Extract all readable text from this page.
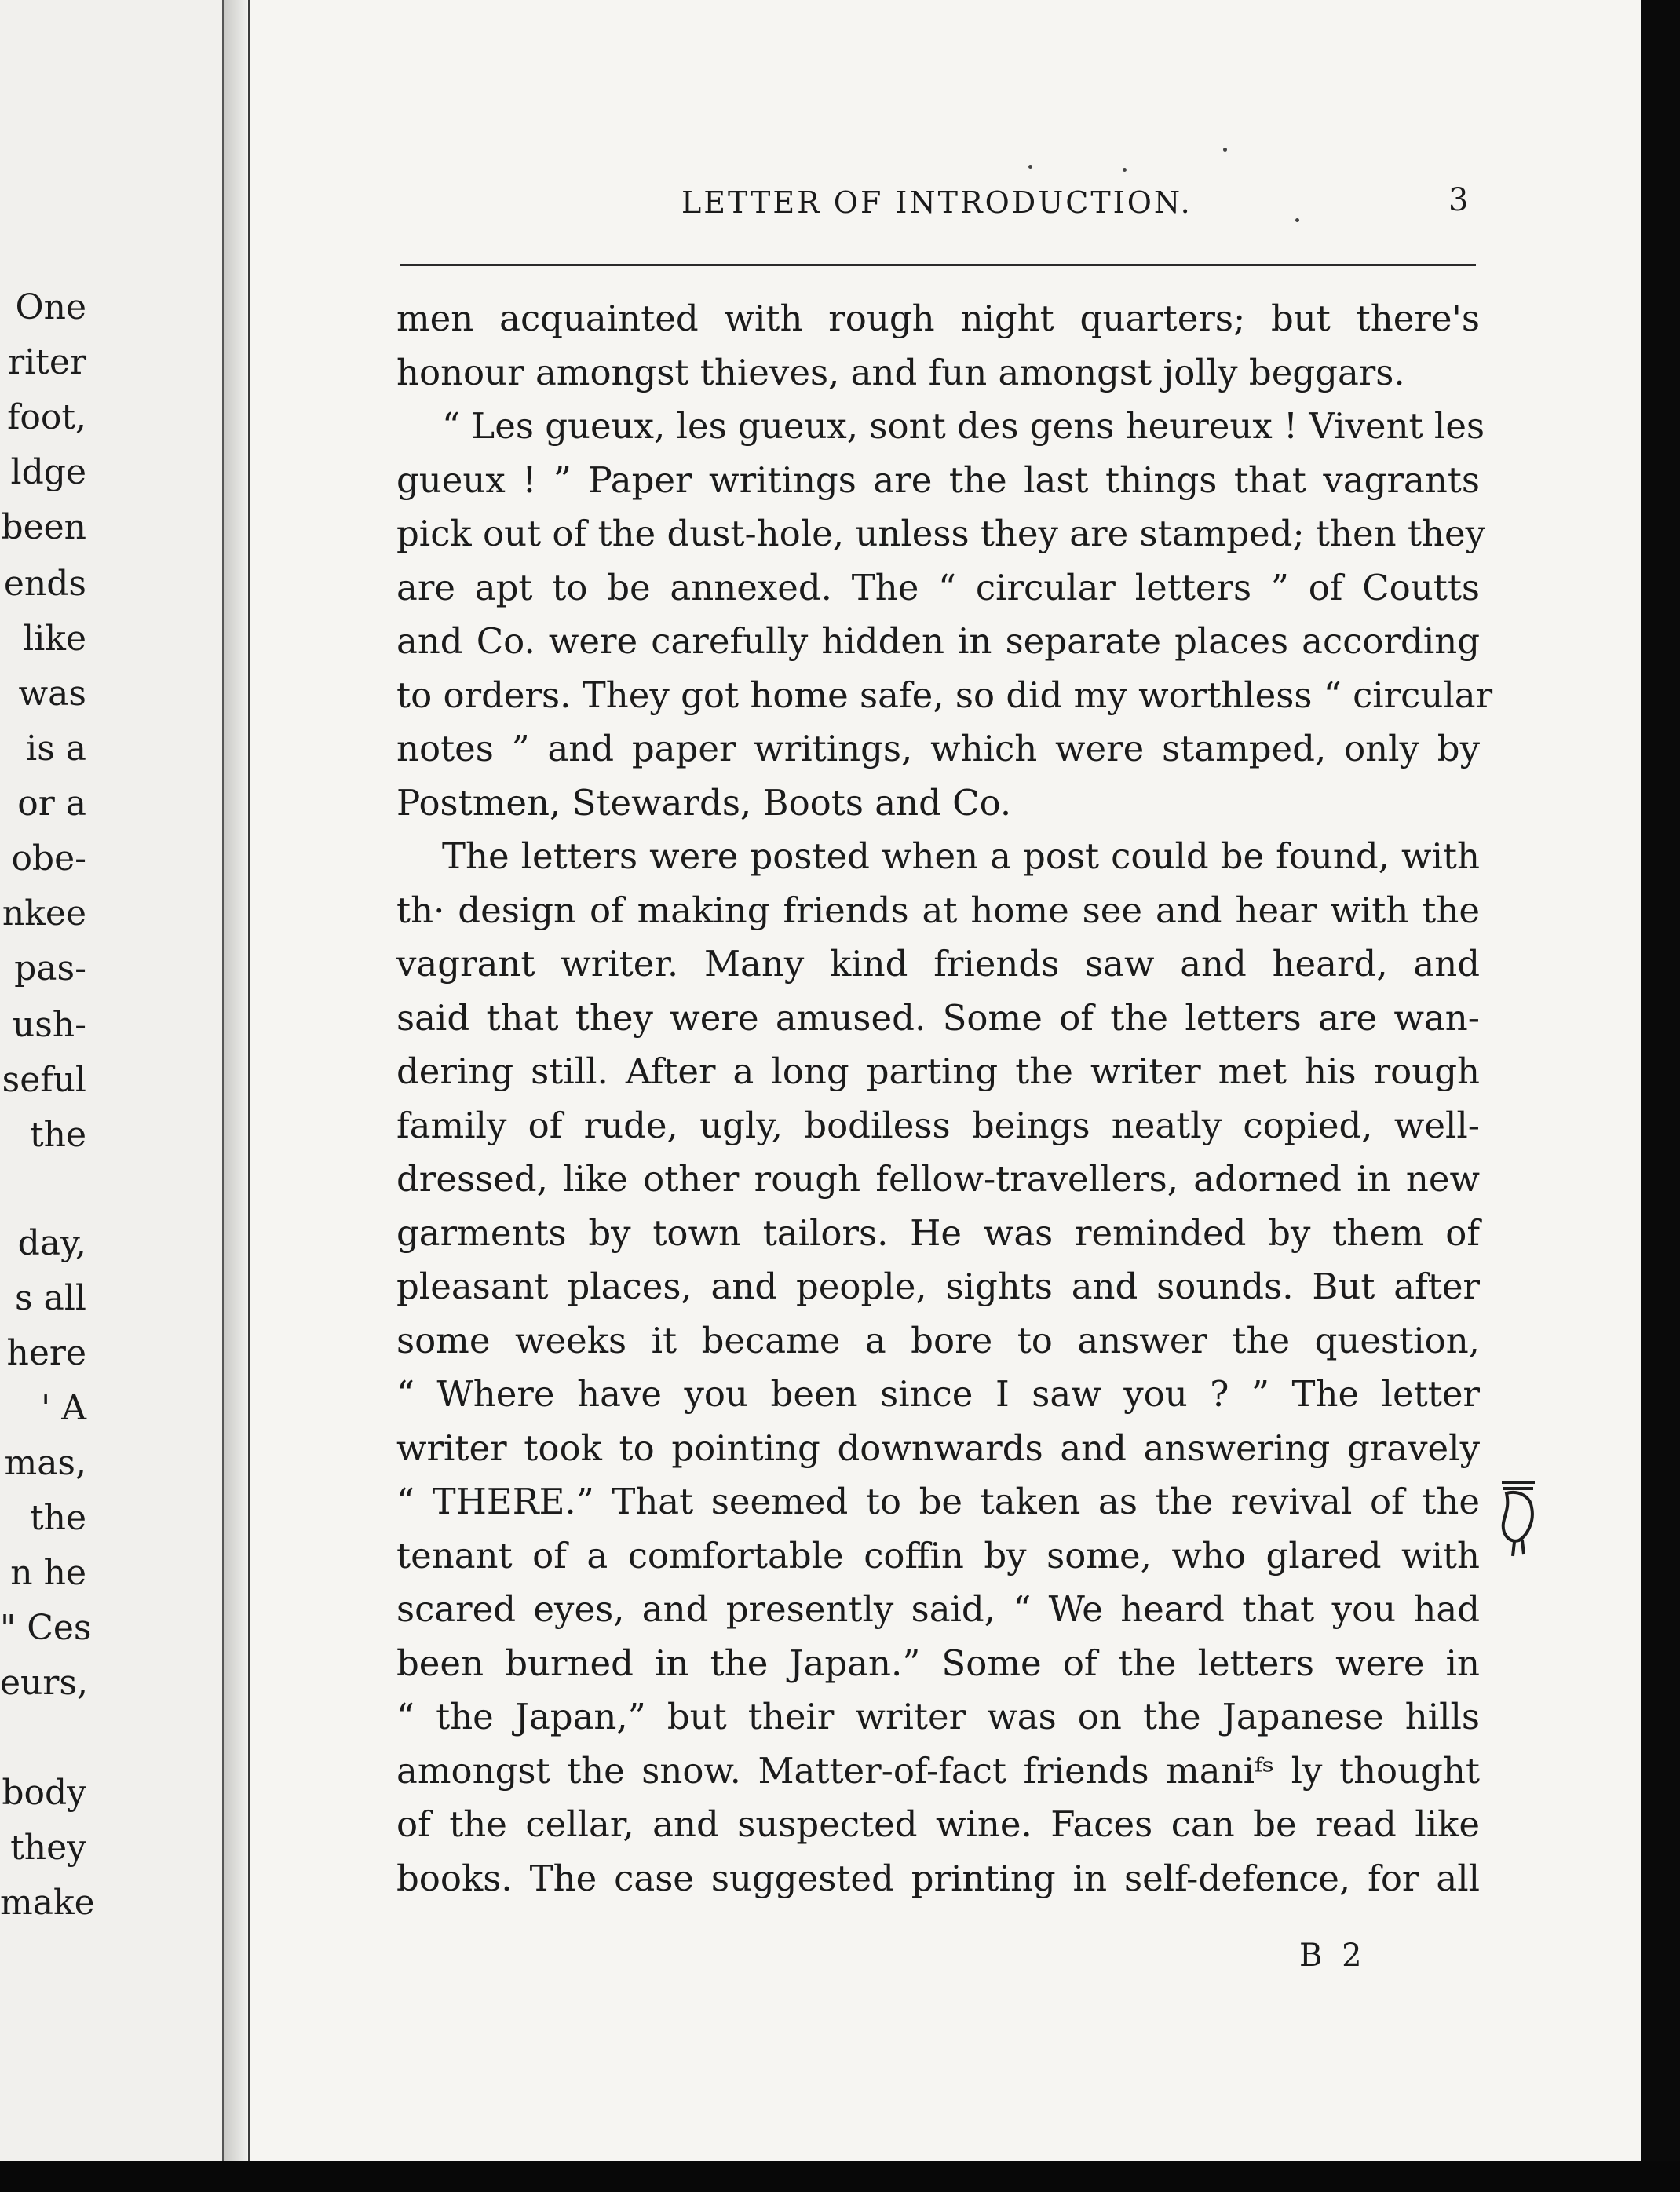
One
riter
foot,
ldge
been
ends
like
was
is a
or a
obe-
nkee
pas-
ush-
seful
the
day,
s all
here
' A
mas,
the
n he
" Ces
eurs,
body
they
make
LETTER OF INTRODUCTION.	3
men acquainted with rough night quarters; but there's
honour amongst thieves, and fun amongst jolly beggars.
“ Les gueux, les gueux, sont des gens heureux ! Vivent les
gueux ! ” Paper writings are the last things that vagrants
pick out of the dust-hole, unless they are stamped; then they
are apt to be annexed. The “ circular letters ” of Coutts
and Co. were carefully hidden in separate places according
to orders. They got home safe, so did my worthless “ circular
notes ” and paper writings, which were stamped, only by
Postmen, Stewards, Boots and Co.
The letters were posted when a post could be found, with
th· design of making friends at home see and hear with the
vagrant writer. Many kind friends saw and heard, and
said that they were amused. Some of the letters are wan-
dering still. After a long parting the writer met his rough
family of rude, ugly, bodiless beings neatly copied, well-
dressed, like other rough fellow-travellers, adorned in new
garments by town tailors. He was reminded by them of
pleasant places, and people, sights and sounds. But after
some weeks it became a bore to answer the question,
“ Where have you been since I saw you ? ” The letter
writer took to pointing downwards and answering gravely
“ THERE.” That seemed to be taken as the revival of the
tenant of a comfortable coffin by some, who glared with
scared eyes, and presently said, “ We heard that you had
been burned in the Japan.” Some of the letters were in
“ the Japan,” but their writer was on the Japanese hills
amongst the snow. Matter-of-fact friends maniᶠˢ ly thought
of the cellar, and suspected wine. Faces can be read like
books. The case suggested printing in self-defence, for all
B 2
